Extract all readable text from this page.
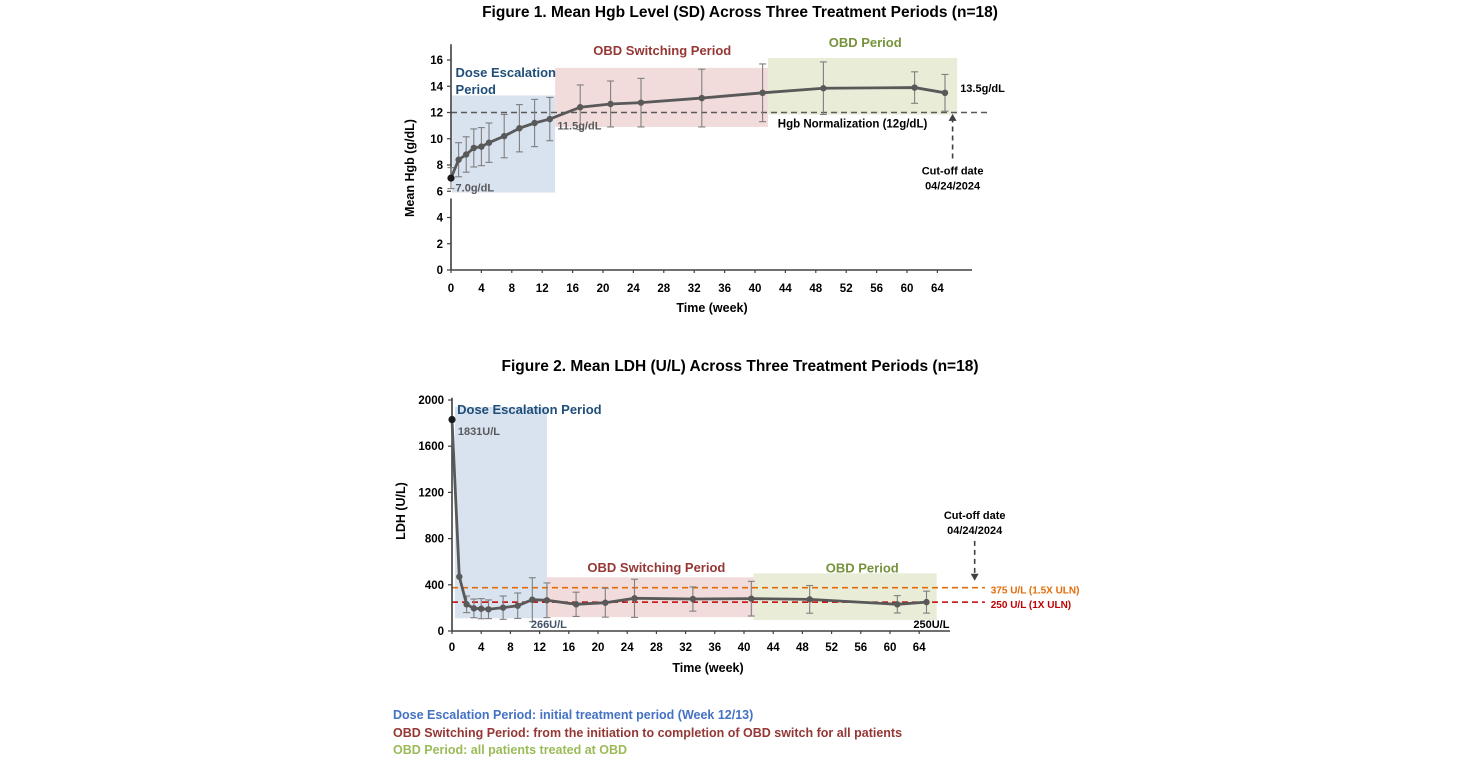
Figure 1. Mean Hgb Level (SD) Across Three Treatment Periods (n=18)
Dose Escalation
Period
OBD Switching Period
OBD Period
Hgb Normalization (12g/dL)
0
2
4
6
8
10
12
14
16
0 4 8 12 16 20 24 28 32 36 40 44 48 52 56 60 64
Time (week)
Mean Hgb (g/dL)	7.0g/dL
11.5g/dL
13.5g/dL
Cut-off date
04/24/2024
Figure 2. Mean LDH (U/L) Across Three Treatment Periods (n=18)
Dose Escalation Period
OBD Switching Period	OBD Period
375 U/L (1.5X ULN)
250 U/L (1X ULN)
0
400
800
1200
1600
2000
0 4 8 12 16 20 24 28 32 36 40 44 48 52 56 60 64
Time (week)
LDH (U/L)
1831U/L
266U/L	250U/L
Cut-off date
04/24/2024
Dose Escalation Period: initial treatment period (Week 12/13)
OBD Switching Period: from the initiation to completion of OBD switch for all patients
OBD Period: all patients treated at OBD
